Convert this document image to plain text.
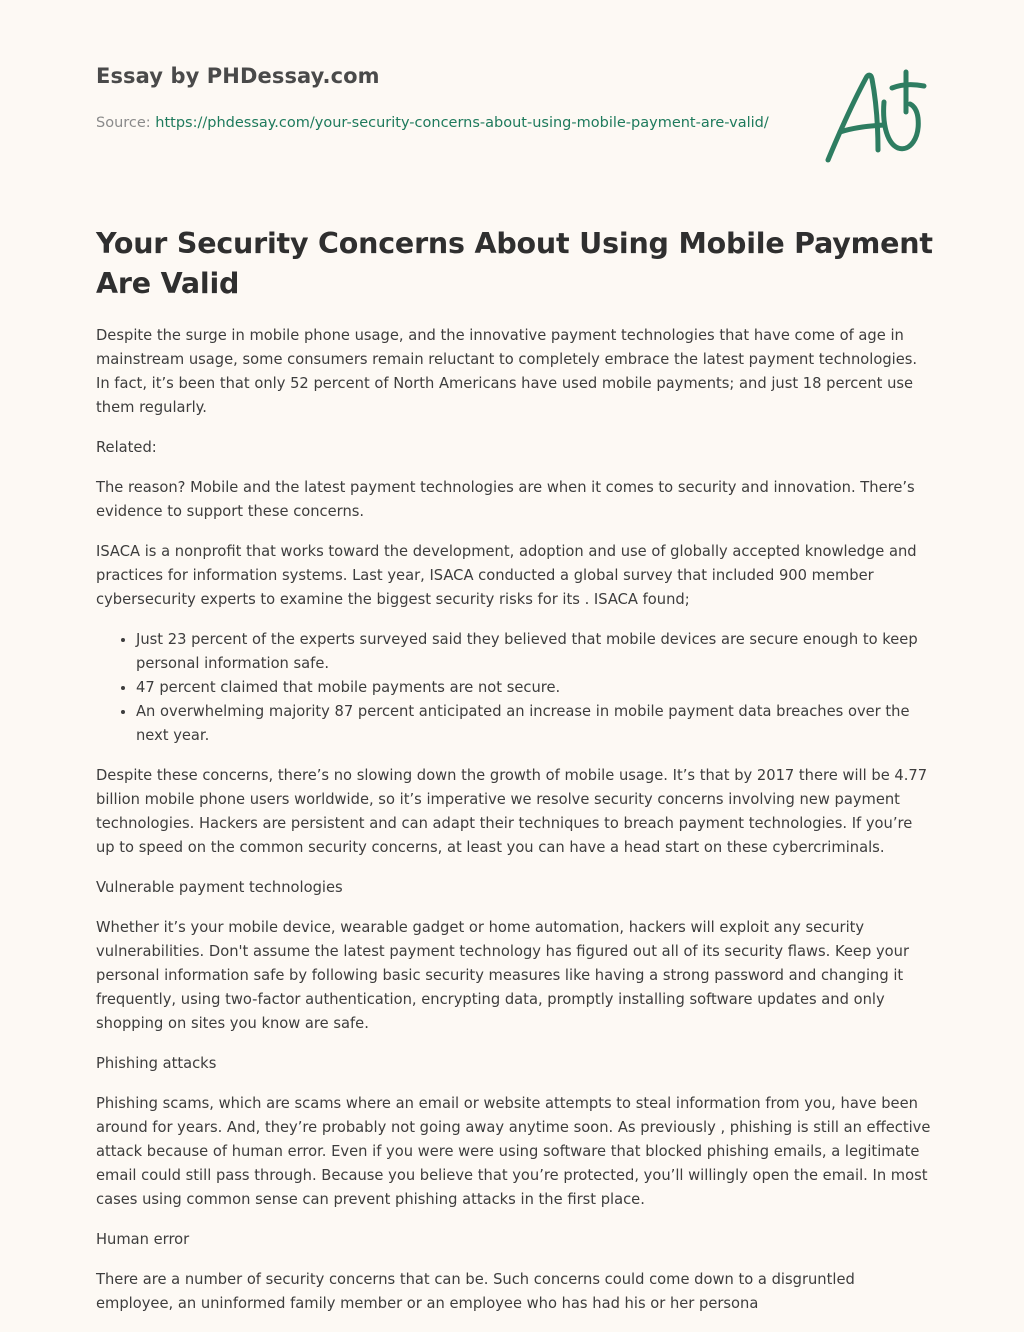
Essay by PHDessay.com
Source: https://phdessay.com/your-security-concerns-about-using-mobile-payment-are-valid/
Your Security Concerns About Using Mobile Payment Are Valid

Despite the surge in mobile phone usage, and the innovative payment technologies that have come of age in mainstream usage, some consumers remain reluctant to completely embrace the latest payment technologies. In fact, it’s been that only 52 percent of North Americans have used mobile payments; and just 18 percent use them regularly.

Related:

The reason? Mobile and the latest payment technologies are when it comes to security and innovation. There’s evidence to support these concerns.

ISACA is a nonprofit that works toward the development, adoption and use of globally accepted knowledge and practices for information systems. Last year, ISACA conducted a global survey that included 900 member cybersecurity experts to examine the biggest security risks for its . ISACA found;

• Just 23 percent of the experts surveyed said they believed that mobile devices are secure enough to keep personal information safe.
• 47 percent claimed that mobile payments are not secure.
• An overwhelming majority 87 percent anticipated an increase in mobile payment data breaches over the next year.

Despite these concerns, there’s no slowing down the growth of mobile usage. It’s that by 2017 there will be 4.77 billion mobile phone users worldwide, so it’s imperative we resolve security concerns involving new payment technologies. Hackers are persistent and can adapt their techniques to breach payment technologies. If you’re up to speed on the common security concerns, at least you can have a head start on these cybercriminals.

Vulnerable payment technologies

Whether it’s your mobile device, wearable gadget or home automation, hackers will exploit any security vulnerabilities. Don't assume the latest payment technology has figured out all of its security flaws. Keep your personal information safe by following basic security measures like having a strong password and changing it frequently, using two-factor authentication, encrypting data, promptly installing software updates and only shopping on sites you know are safe.

Phishing attacks

Phishing scams, which are scams where an email or website attempts to steal information from you, have been around for years. And, they’re probably not going away anytime soon. As previously , phishing is still an effective attack because of human error. Even if you were were using software that blocked phishing emails, a legitimate email could still pass through. Because you believe that you’re protected, you’ll willingly open the email. In most cases using common sense can prevent phishing attacks in the first place.

Human error

There are a number of security concerns that can be. Such concerns could come down to a disgruntled employee, an uninformed family member or an employee who has had his or her persona
